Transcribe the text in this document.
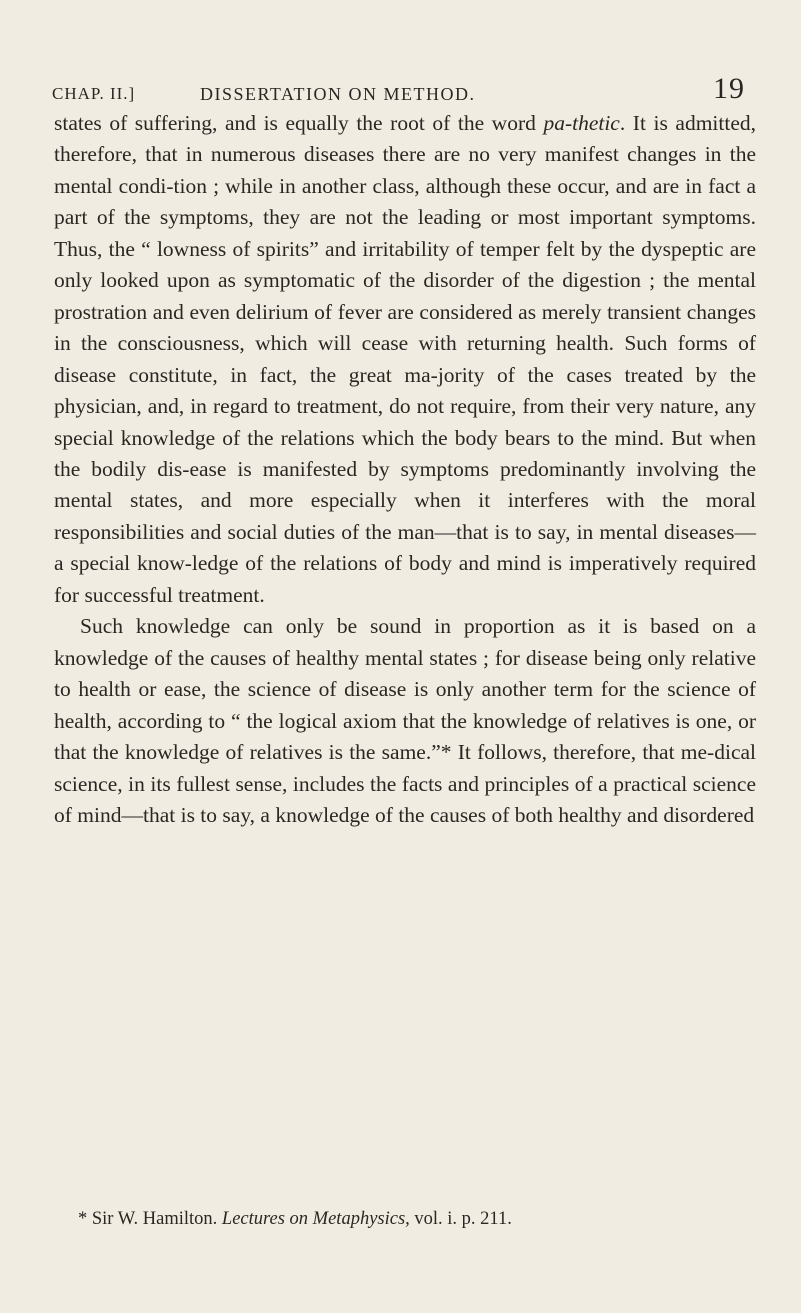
CHAP. II.]	DISSERTATION ON METHOD.	19

states of suffering, and is equally the root of the word pa-thetic. It is admitted, therefore, that in numerous diseases there are no very manifest changes in the mental condi-tion ; while in another class, although these occur, and are in fact a part of the symptoms, they are not the leading or most important symptoms. Thus, the “ lowness of spirits” and irritability of temper felt by the dyspeptic are only looked upon as symptomatic of the disorder of the digestion ; the mental prostration and even delirium of fever are considered as merely transient changes in the consciousness, which will cease with returning health. Such forms of disease constitute, in fact, the great ma-jority of the cases treated by the physician, and, in regard to treatment, do not require, from their very nature, any special knowledge of the relations which the body bears to the mind. But when the bodily dis-ease is manifested by symptoms predominantly involving the mental states, and more especially when it interferes with the moral responsibilities and social duties of the man—that is to say, in mental diseases—a special know-ledge of the relations of body and mind is imperatively required for successful treatment.

Such knowledge can only be sound in proportion as it is based on a knowledge of the causes of healthy mental states ; for disease being only relative to health or ease, the science of disease is only another term for the science of health, according to “ the logical axiom that the knowledge of relatives is one, or that the knowledge of relatives is the same.”* It follows, therefore, that me-dical science, in its fullest sense, includes the facts and principles of a practical science of mind—that is to say, a knowledge of the causes of both healthy and disordered

* Sir W. Hamilton. Lectures on Metaphysics, vol. i. p. 211.
